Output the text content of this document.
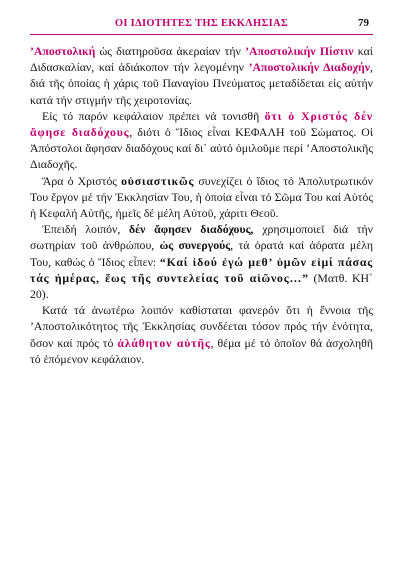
ΟΙ ΙΔΙΟΤΗΤΕΣ ΤΗΣ ΕΚΚΛΗΣΙΑΣ	79

’Αποστολική ὡς διατηροῦσα ἀκεραίαν τήν ’Αποστολικήν Πίστιν καί Διδασκαλίαν, καί ἀδιάκοπον τήν λεγομένην ’Αποστολικήν Διαδοχήν, διά τῆς ὁποίας ἡ χάρις τοῦ Παναγίου Πνεύματος μεταδίδεται εἰς αὐτήν κατά τήν στιγμήν τῆς χειροτονίας.

Εἰς τό παρόν κεφάλαιον πρέπει νά τονισθῆ ὅτι ὁ Χριστός δέν ἄφησε διαδόχους, διότι ὁ Ἴδιος εἶναι ΚΕΦΑΛΗ τοῦ Σώματος. Οἱ Ἀπόστολοι ἄφησαν διαδόχους καί δι᾽ αὐτό ὁμιλοῦμε περί ’Αποστολικῆς Διαδοχῆς.

Ἄρα ὁ Χριστός οὐσιαστικῶς συνεχίζει ὁ ἴδιος τό Ἀπολυτρωτικόν Του ἔργον μέ τήν Ἐκκλησίαν Του, ἡ ὁποία εἶναι τό Σῶμα Του καί Αὐτός ἡ Κεφαλή Αὐτῆς, ἡμεῖς δέ μέλη Αὐτοῦ, χάριτι Θεοῦ.

Ἐπειδή λοιπόν, δέν ἄφησεν διαδόχους, χρησιμοποιεῖ διά τήν σωτηρίαν τοῦ ἀνθρώπου, ὡς συνεργούς, τά ὁρατά καί ἀόρατα μέλη Του, καθώς ὁ Ἴδιος εἶπεν: “Καί ἰδού ἐγώ μεθ’ ὑμῶν εἰμί πάσας τάς ἡμέρας, ἕως τῆς συντελείας τοῦ αἰῶνος…” (Ματθ. ΚΗ΄ 20).

Κατά τά ἀνωτέρω λοιπόν καθίσταται φανερόν ὅτι ἡ ἔννοια τῆς ’Αποστολικότητος τῆς Ἐκκλησίας συνδέεται τόσον πρός τήν ἑνότητα, ὅσον καί πρός τό ἀλάθητον αὐτῆς, θέμα μέ τό ὁποῖον θά ἀσχοληθῆ τό ἑπόμενον κεφάλαιον.
